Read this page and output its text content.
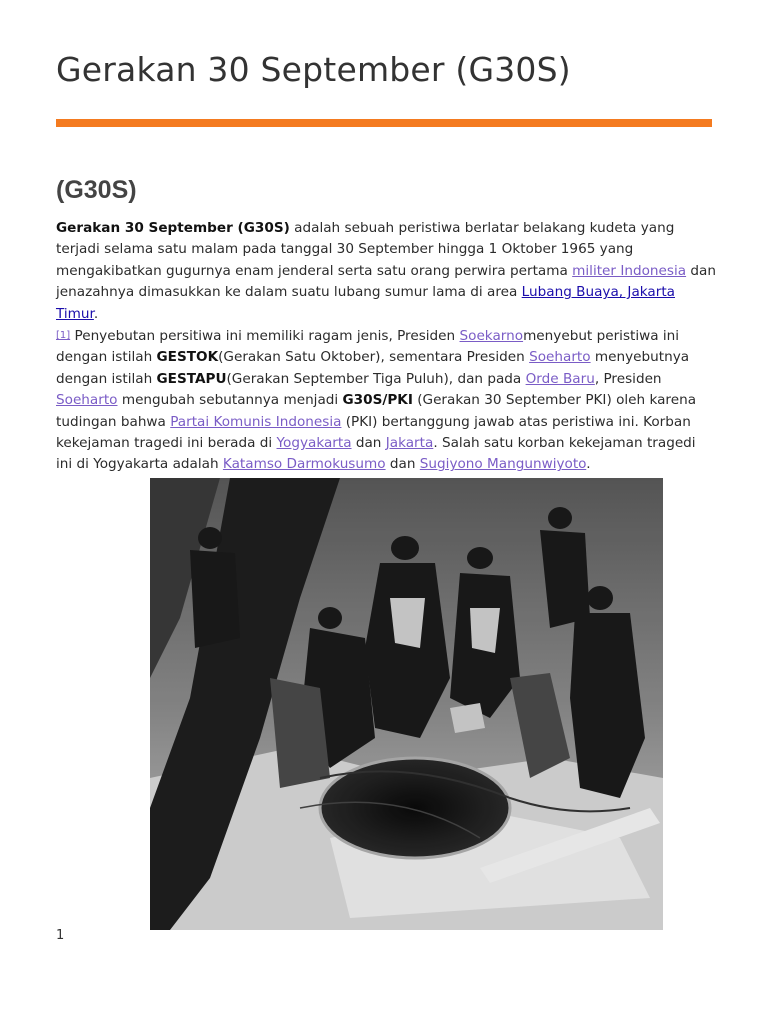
Gerakan 30 September (G30S)
(G30S)

Gerakan 30 September (G30S) adalah sebuah peristiwa berlatar belakang kudeta yang terjadi selama satu malam pada tanggal 30 September hingga 1 Oktober 1965 yang mengakibatkan gugurnya enam jenderal serta satu orang perwira pertama militer Indonesia dan jenazahnya dimasukkan ke dalam suatu lubang sumur lama di area Lubang Buaya, Jakarta Timur.
[1] Penyebutan persitiwa ini memiliki ragam jenis, Presiden Soekarnomenyebut peristiwa ini dengan istilah GESTOK(Gerakan Satu Oktober), sementara Presiden Soeharto menyebutnya dengan istilah GESTAPU(Gerakan September Tiga Puluh), dan pada Orde Baru, Presiden Soeharto mengubah sebutannya menjadi G30S/PKI (Gerakan 30 September PKI) oleh karena tudingan bahwa Partai Komunis Indonesia (PKI) bertanggung jawab atas peristiwa ini. Korban kekejaman tragedi ini berada di Yogyakarta dan Jakarta. Salah satu korban kekejaman tragedi ini di Yogyakarta adalah Katamso Darmokusumo dan Sugiyono Mangunwiyoto.

1
